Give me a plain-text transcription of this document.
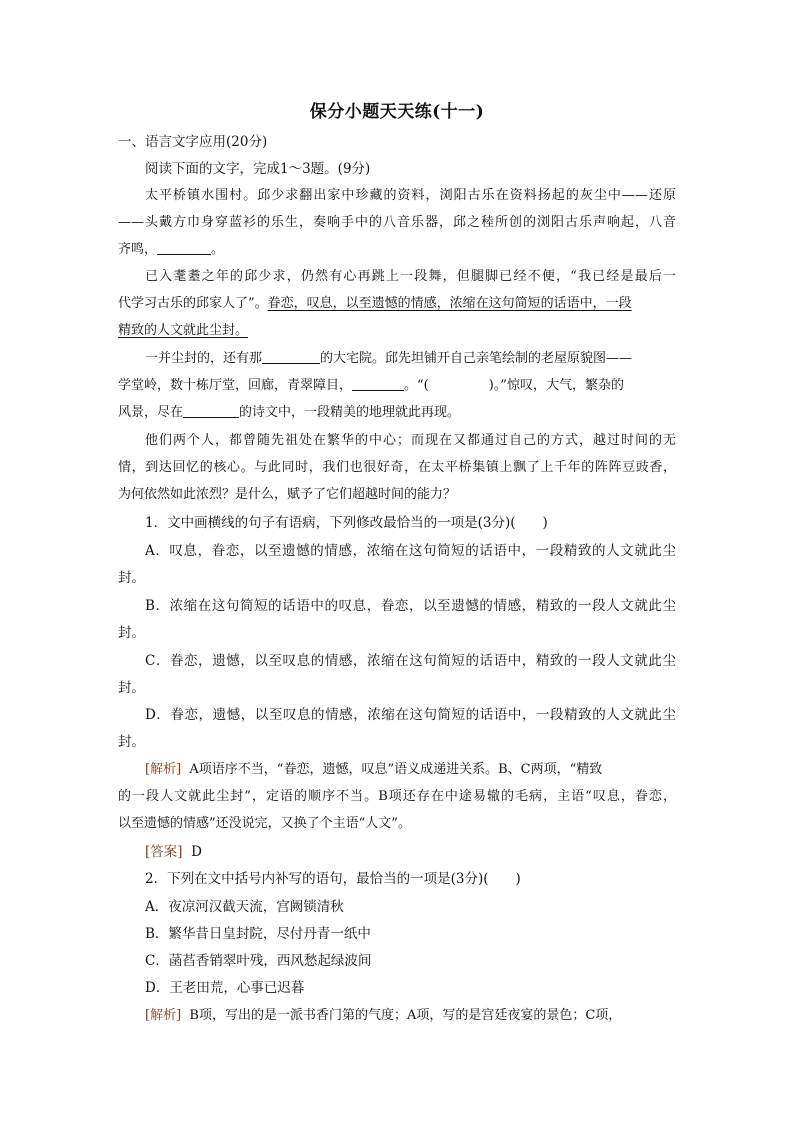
保分小题天天练(十一)
一、语言文字应用(20分)
阅读下面的文字，完成1～3题。(9分)
太平桥镇水围村。邱少求翻出家中珍藏的资料，浏阳古乐在资料扬起的灰尘中——还原
——头戴方巾身穿蓝衫的乐生，奏响手中的八音乐器，邱之稑所创的浏阳古乐声响起，八音
齐鸣，	。
已入耄耋之年的邱少求，仍然有心再跳上一段舞，但腿脚已经不便，“我已经是最后一
代学习古乐的邱家人了”。眷恋，叹息，以至遗憾的情感，浓缩在这句简短的话语中，一段
精致的人文就此尘封。
一并尘封的，还有那	的大宅院。邱先坦铺开自己亲笔绘制的老屋原貌图——
学堂岭，数十栋厅堂，回廊，青翠障目，	。“(	)。”惊叹，大气，繁杂的
风景，尽在	的诗文中，一段精美的地理就此再现。
他们两个人，都曾随先祖处在繁华的中心；而现在又都通过自己的方式，越过时间的无
情，到达回忆的核心。与此同时，我们也很好奇，在太平桥集镇上飘了上千年的阵阵豆豉香，
为何依然如此浓烈？是什么，赋予了它们超越时间的能力？
1．文中画横线的句子有语病，下列修改最恰当的一项是(3分)(　　)
A．叹息，眷恋，以至遗憾的情感，浓缩在这句简短的话语中，一段精致的人文就此尘
封。
B．浓缩在这句简短的话语中的叹息，眷恋，以至遗憾的情感，精致的一段人文就此尘
封。
C．眷恋，遗憾，以至叹息的情感，浓缩在这句简短的话语中，精致的一段人文就此尘
封。
D．眷恋，遗憾，以至叹息的情感，浓缩在这句简短的话语中，一段精致的人文就此尘
封。
[解析] A项语序不当，“眷恋，遗憾，叹息”语义成递进关系。B、C两项，“精致
的一段人文就此尘封”，定语的顺序不当。B项还存在中途易辙的毛病，主语“叹息，眷恋，
以至遗憾的情感”还没说完，又换了个主语“人文”。
[答案] D
2．下列在文中括号内补写的语句，最恰当的一项是(3分)(　　)
A．夜凉河汉截天流，宫阙锁清秋
B．繁华昔日皇封院，尽付丹青一纸中
C．菡萏香销翠叶残，西风愁起绿波间
D．王老田荒，心事已迟暮
[解析] B项，写出的是一派书香门第的气度；A项，写的是宫廷夜宴的景色；C项，
